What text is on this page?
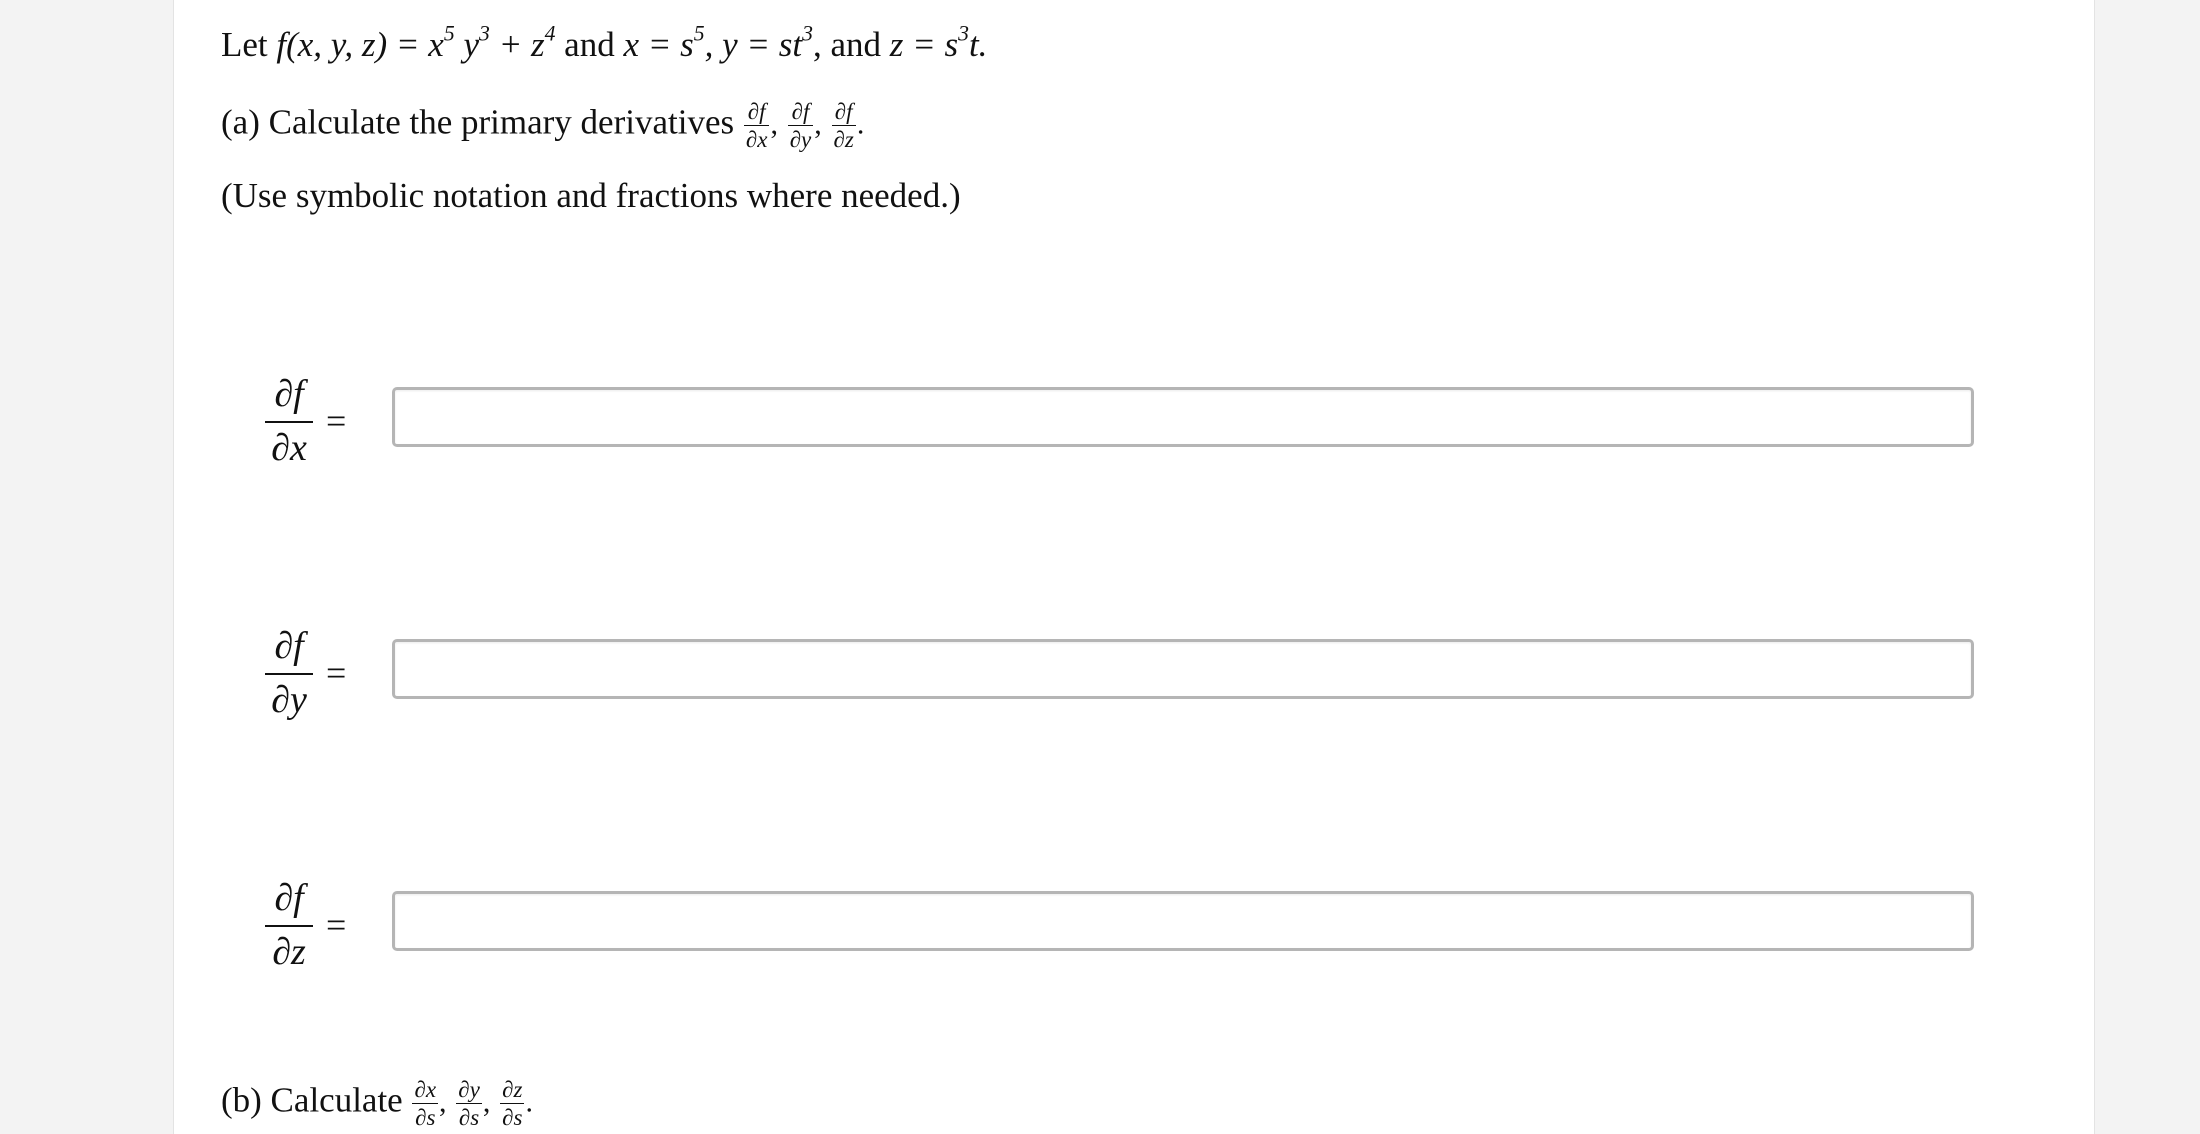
Let f(x, y, $z) = x^5$ $y^3 + z^4$ and $x = s^5$, $y = st^3$, and $z = s^3t$.
(a) Calculate the primary derivatives $\frac{\partial f}{\partial x}$ , $\frac{\partial f}{\partial y}$ , $\frac{\partial f}{\partial z}$ .
(Use symbolic notation and fractions where needed.)
$\frac{\partial f}{\partial x}$ =
$\frac{\partial f}{\partial y}$ =
$\frac{\partial f}{\partial z}$ =
(b) Calculate $\frac{\partial x}{\partial s}$ , $\frac{\partial y}{\partial s}$ , $\frac{\partial z}{\partial s}$ .
